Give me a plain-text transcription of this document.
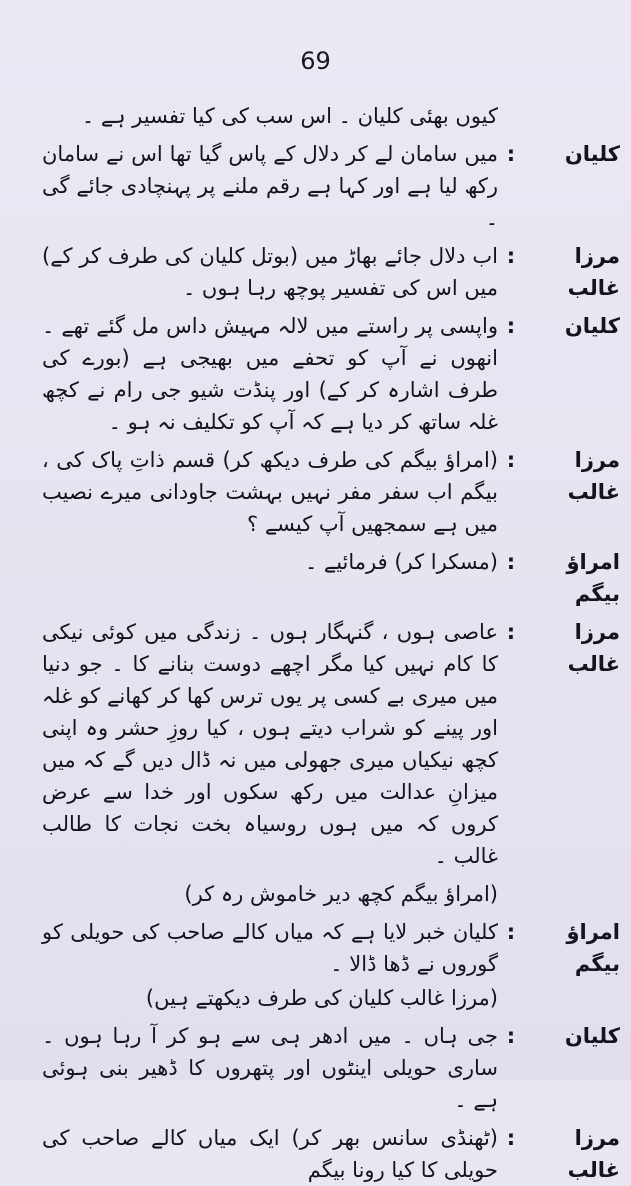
69
کیوں بھئی کلیان ۔ اس سب کی کیا تفسیر ہے ۔
کلیان
:
میں سامان لے کر دلال کے پاس گیا تھا اس نے سامان رکھ لیا ہے اور کہا ہے رقم ملنے پر پہنچادی جائے گی ۔
مرزا غالب
:
اب دلال جائے بھاڑ میں (بوتل کلیان کی طرف کر کے) میں اس کی تفسیر پوچھ رہا ہوں ۔
کلیان
:
واپسی پر راستے میں لالہ مہیش داس مل گئے تھے ۔ انھوں نے آپ کو تحفے میں بھیجی ہے (بورے کی طرف اشارہ کر کے) اور پنڈت شیو جی رام نے کچھ غلہ ساتھ کر دیا ہے کہ آپ کو تکلیف نہ ہو ۔
مرزا غالب
:
(امراؤ بیگم کی طرف دیکھ کر) قسم ذاتِ پاک کی ، بیگم اب سفر مفر نہیں بہشت جاودانی میرے نصیب میں ہے سمجھیں آپ کیسے ؟
امراؤ بیگم
:
(مسکرا کر) فرمائیے ۔
مرزا غالب
:
عاصی ہوں ، گنہگار ہوں ۔ زندگی میں کوئی نیکی کا کام نہیں کیا مگر اچھے دوست بنانے کا ۔ جو دنیا میں میری بے کسی پر یوں ترس کھا کر کھانے کو غلہ اور پینے کو شراب دیتے ہوں ، کیا روزِ حشر وہ اپنی کچھ نیکیاں میری جھولی میں نہ ڈال دیں گے کہ میں میزانِ عدالت میں رکھ سکوں اور خدا سے عرض کروں کہ میں ہوں روسیاہ بخت نجات کا طالب غالب ۔
(امراؤ بیگم کچھ دیر خاموش رہ کر)
امراؤ بیگم
:
کلیان خبر لایا ہے کہ میاں کالے صاحب کی حویلی کو گوروں نے ڈھا ڈالا ۔
(مرزا غالب کلیان کی طرف دیکھتے ہیں)
کلیان
:
جی ہاں ۔ میں ادھر ہی سے ہو کر آ رہا ہوں ۔ ساری حویلی اینٹوں اور پتھروں کا ڈھیر بنی ہوئی ہے ۔
مرزا غالب
:
(ٹھنڈی سانس بھر کر) ایک میاں کالے صاحب کی حویلی کا کیا رونا بیگم
